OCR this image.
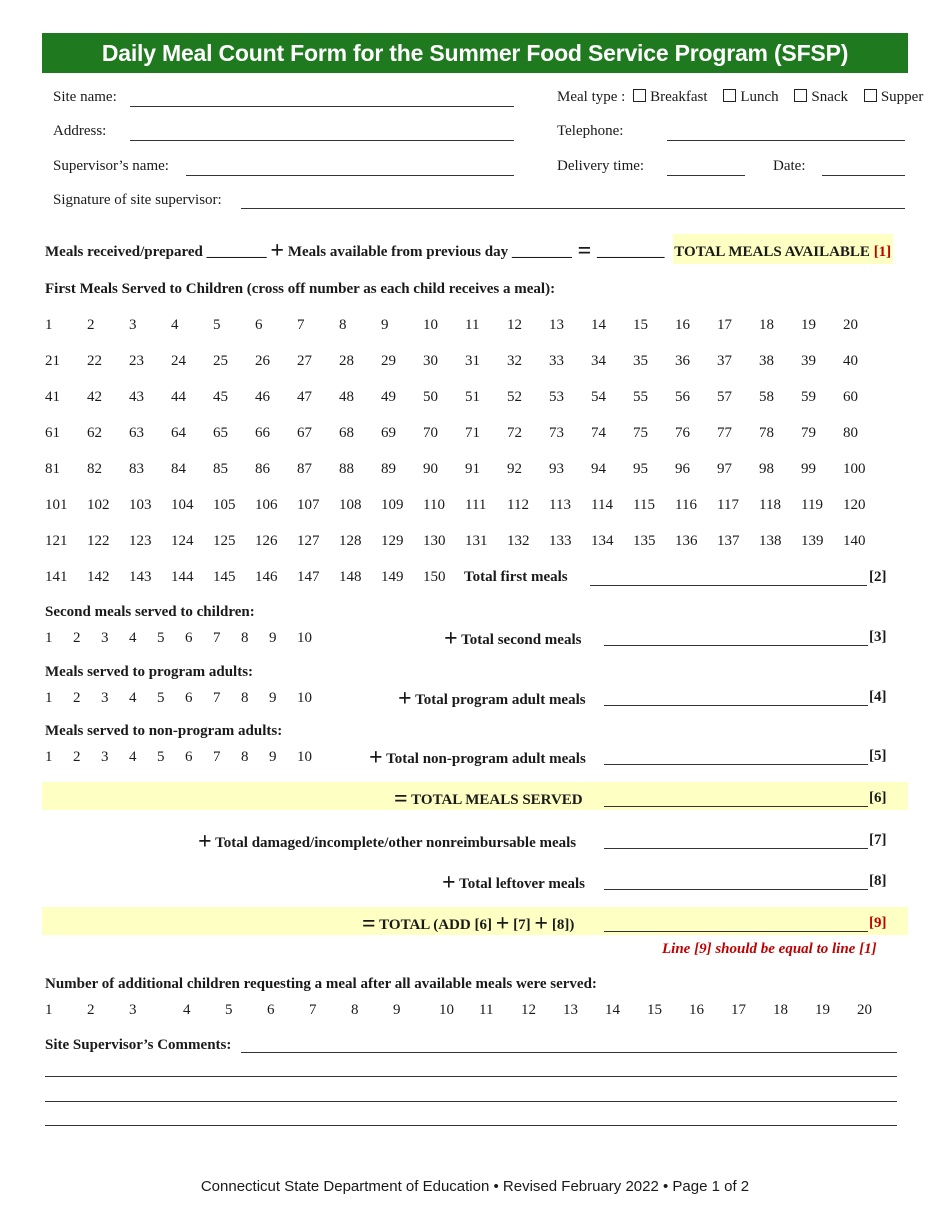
Daily Meal Count Form for the Summer Food Service Program (SFSP)
Site name:
Address:
Supervisor’s name:
Signature of site supervisor:
Meal type : Breakfast Lunch Snack Supper
Telephone:
Delivery time:	Date:
Meals received/prepared ________ + Meals available from previous day ________ = _________ TOTAL MEALS AVAILABLE [1]
First Meals Served to Children (cross off number as each child receives a meal):
1 2 3 4 5 6 7 8 9 10 11 12 13 14 15 16 17 18 19 20
21 22 23 24 25 26 27 28 29 30 31 32 33 34 35 36 37 38 39 40
41 42 43 44 45 46 47 48 49 50 51 52 53 54 55 56 57 58 59 60
61 62 63 64 65 66 67 68 69 70 71 72 73 74 75 76 77 78 79 80
81 82 83 84 85 86 87 88 89 90 91 92 93 94 95 96 97 98 99 100
101 102 103 104 105 106 107 108 109 110 111 112 113 114 115 116 117 118 119 120
121 122 123 124 125 126 127 128 129 130 131 132 133 134 135 136 137 138 139 140
141 142 143 144 145 146 147 148 149 150 Total first meals	[2]
Second meals served to children:
1 2 3 4 5 6 7 8 9 10	+ Total second meals	[3]
Meals served to program adults:
1 2 3 4 5 6 7 8 9 10	+ Total program adult meals	[4]
Meals served to non-program adults:
1 2 3 4 5 6 7 8 9 10 + Total non-program adult meals	[5]
= TOTAL MEALS SERVED	[6]
+ Total damaged/incomplete/other nonreimbursable meals	[7]
+ Total leftover meals	[8]
= TOTAL (ADD [6] + [7] + [8])	[9]
Line [9] should be equal to line [1]
Number of additional children requesting a meal after all available meals were served:
1 2 3	4 5 6 7 8 9	10 11 12 13 14 15 16 17 18 19 20
Site Supervisor’s Comments:
Connecticut State Department of Education • Revised February 2022 • Page 1 of 2
